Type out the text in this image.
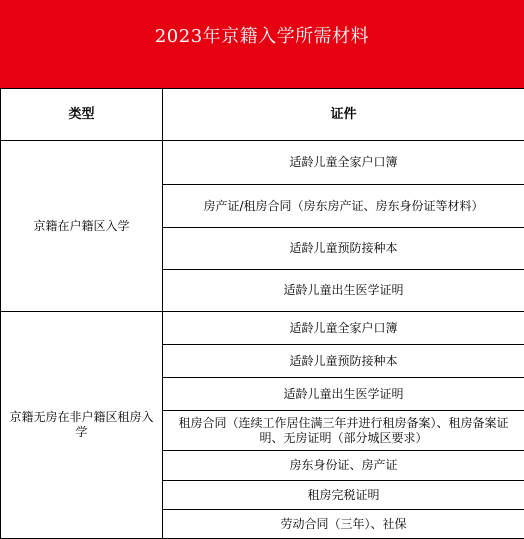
2023年京籍入学所需材料
类型	证件
京籍在户籍区入学	适龄儿童全家户口簿
	房产证/租房合同（房东房产证、房东身份证等材料）
	适龄儿童预防接种本
	适龄儿童出生医学证明
京籍无房在非户籍区租房入学	适龄儿童全家户口簿
	适龄儿童预防接种本
	适龄儿童出生医学证明
	租房合同（连续工作居住满三年并进行租房备案）、租房备案证明、无房证明（部分城区要求）
	房东身份证、房产证
	租房完税证明
	劳动合同（三年）、社保
